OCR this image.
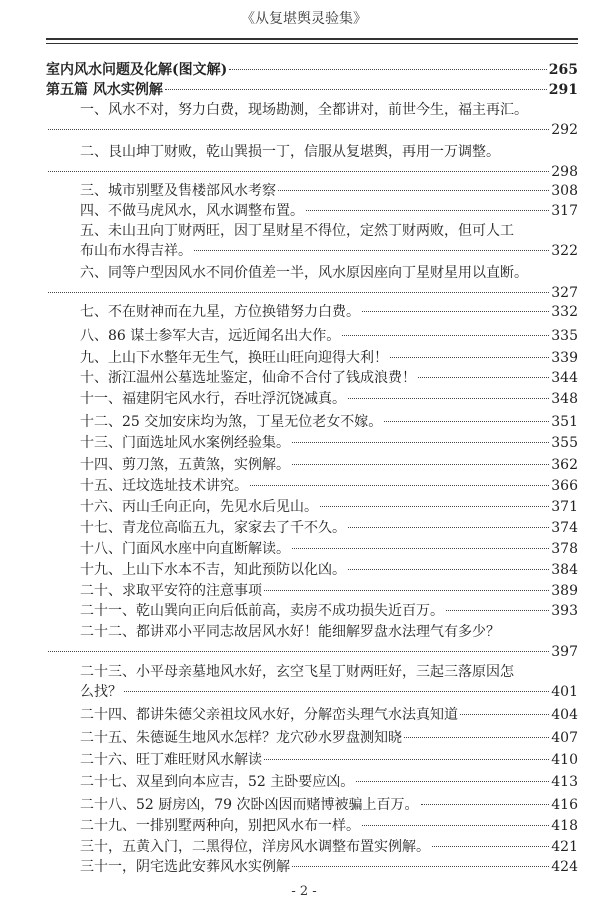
《从复堪舆灵验集》
室内风水问题及化解(图文解)	265
第五篇 风水实例解	291
一、风水不对，努力白费，现场勘测，全都讲对，前世今生，福主再汇。
292
二、艮山坤丁财败，乾山巽损一丁，信服从复堪舆，再用一万调整。
298
三、城市别墅及售楼部风水考察	308
四、不做马虎风水，风水调整布置。	317
五、未山丑向丁财两旺，因丁星财星不得位，定然丁财两败，但可人工
布山布水得吉祥。	322
六、同等户型因风水不同价值差一半，风水原因座向丁星财星用以直断。
327
七、不在财神而在九星，方位换错努力白费。	332
八、86 谋士参军大吉，远近闻名出大作。	335
九、上山下水整年无生气，换旺山旺向迎得大利！	339
十、浙江温州公墓选址鉴定，仙命不合付了钱成浪费！	344
十一、福建阴宅风水行，吞吐浮沉饶减真。	348
十二、25 交加安床均为煞，丁星无位老女不嫁。	351
十三、门面选址风水案例经验集。	355
十四、剪刀煞，五黄煞，实例解。	362
十五、迁坟选址技术讲究。	366
十六、丙山壬向正向，先见水后见山。	371
十七、青龙位高临五九，家家去了千不久。	374
十八、门面风水座中向直断解读。	378
十九、上山下水本不吉，知此预防以化凶。	384
二十、求取平安符的注意事项	389
二十一、乾山巽向正向后低前高，卖房不成功损失近百万。	393
二十二、都讲邓小平同志故居风水好！能细解罗盘水法理气有多少？
397
二十三、小平母亲墓地风水好，玄空飞星丁财两旺好，三起三落原因怎
么找？	401
二十四、都讲朱德父亲祖坟风水好，分解峦头理气水法真知道	404
二十五、朱德诞生地风水怎样？龙穴砂水罗盘测知晓	407
二十六、旺丁难旺财风水解读	410
二十七、双星到向本应吉，52 主卧要应凶。	413
二十八、52 厨房凶，79 次卧凶因而赌博被骗上百万。	416
二十九、一排别墅两种向，别把风水布一样。	418
三十，五黄入门，二黑得位，洋房风水调整布置实例解。	421
三十一，阴宅选此安葬风水实例解	424
- 2 -
